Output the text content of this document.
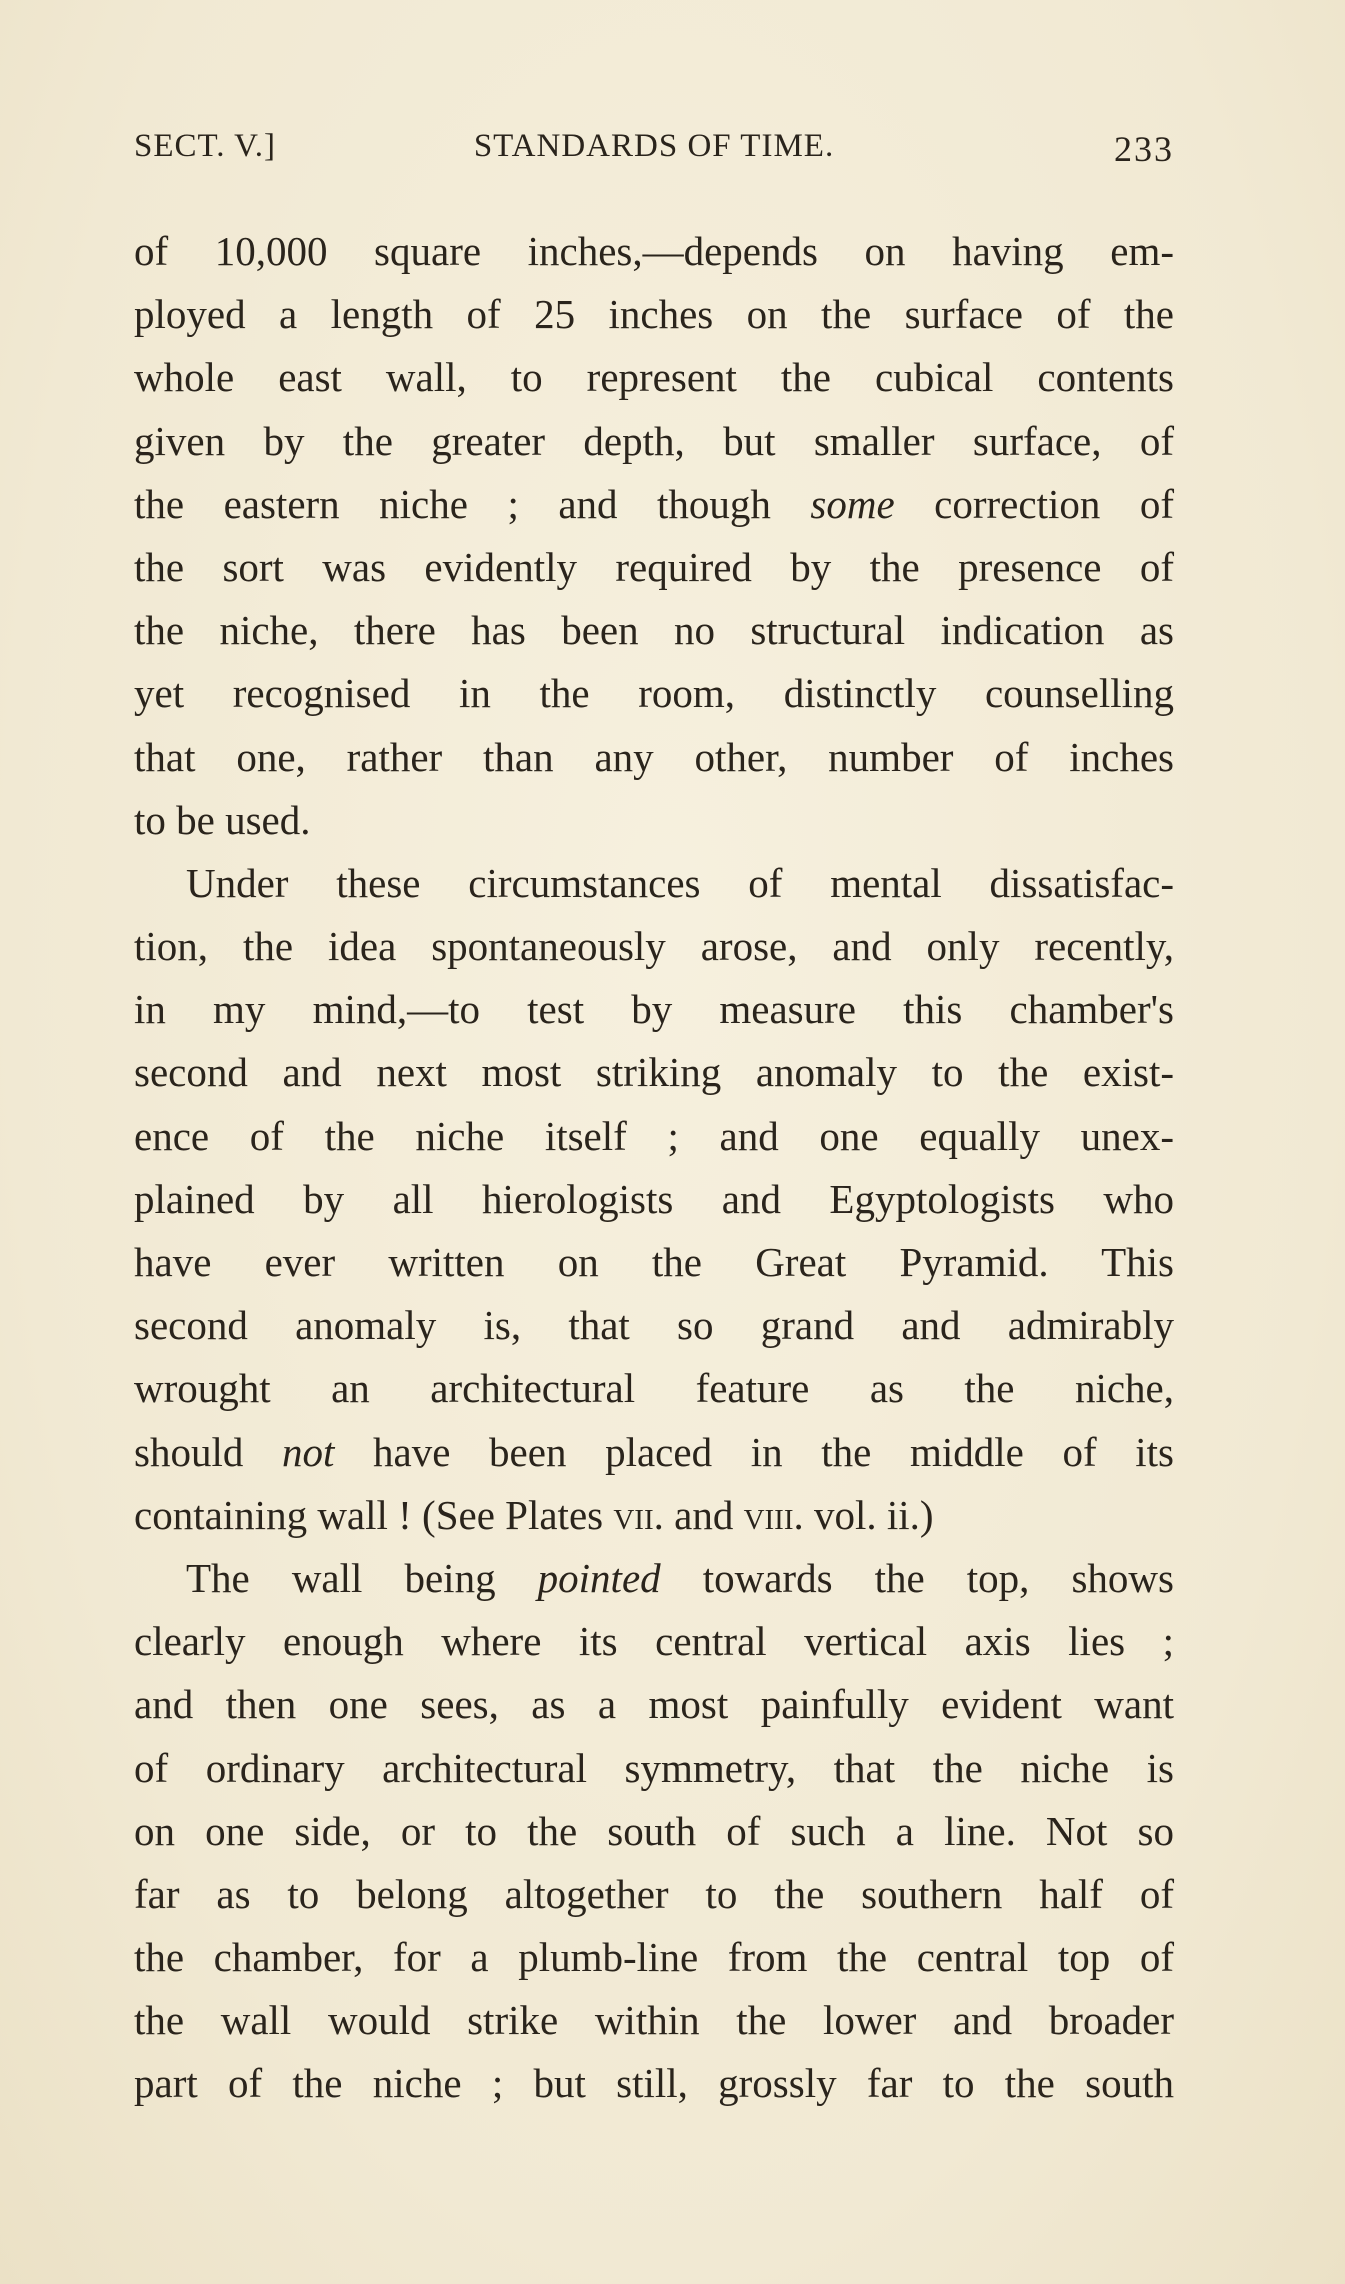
SECT. V.]	STANDARDS OF TIME.	233
of 10,000 square inches,—depends on having em-
ployed a length of 25 inches on the surface of the
whole east wall, to represent the cubical contents
given by the greater depth, but smaller surface, of
the eastern niche ; and though some correction of
the sort was evidently required by the presence of
the niche, there has been no structural indication as
yet recognised in the room, distinctly counselling
that one, rather than any other, number of inches
to be used.
Under these circumstances of mental dissatisfac-
tion, the idea spontaneously arose, and only recently,
in my mind,—to test by measure this chamber's
second and next most striking anomaly to the exist-
ence of the niche itself ; and one equally unex-
plained by all hierologists and Egyptologists who
have ever written on the Great Pyramid. This
second anomaly is, that so grand and admirably
wrought an architectural feature as the niche,
should not have been placed in the middle of its
containing wall ! (See Plates vii. and viii. vol. ii.)
The wall being pointed towards the top, shows
clearly enough where its central vertical axis lies ;
and then one sees, as a most painfully evident want
of ordinary architectural symmetry, that the niche is
on one side, or to the south of such a line. Not so
far as to belong altogether to the southern half of
the chamber, for a plumb-line from the central top of
the wall would strike within the lower and broader
part of the niche ; but still, grossly far to the south
